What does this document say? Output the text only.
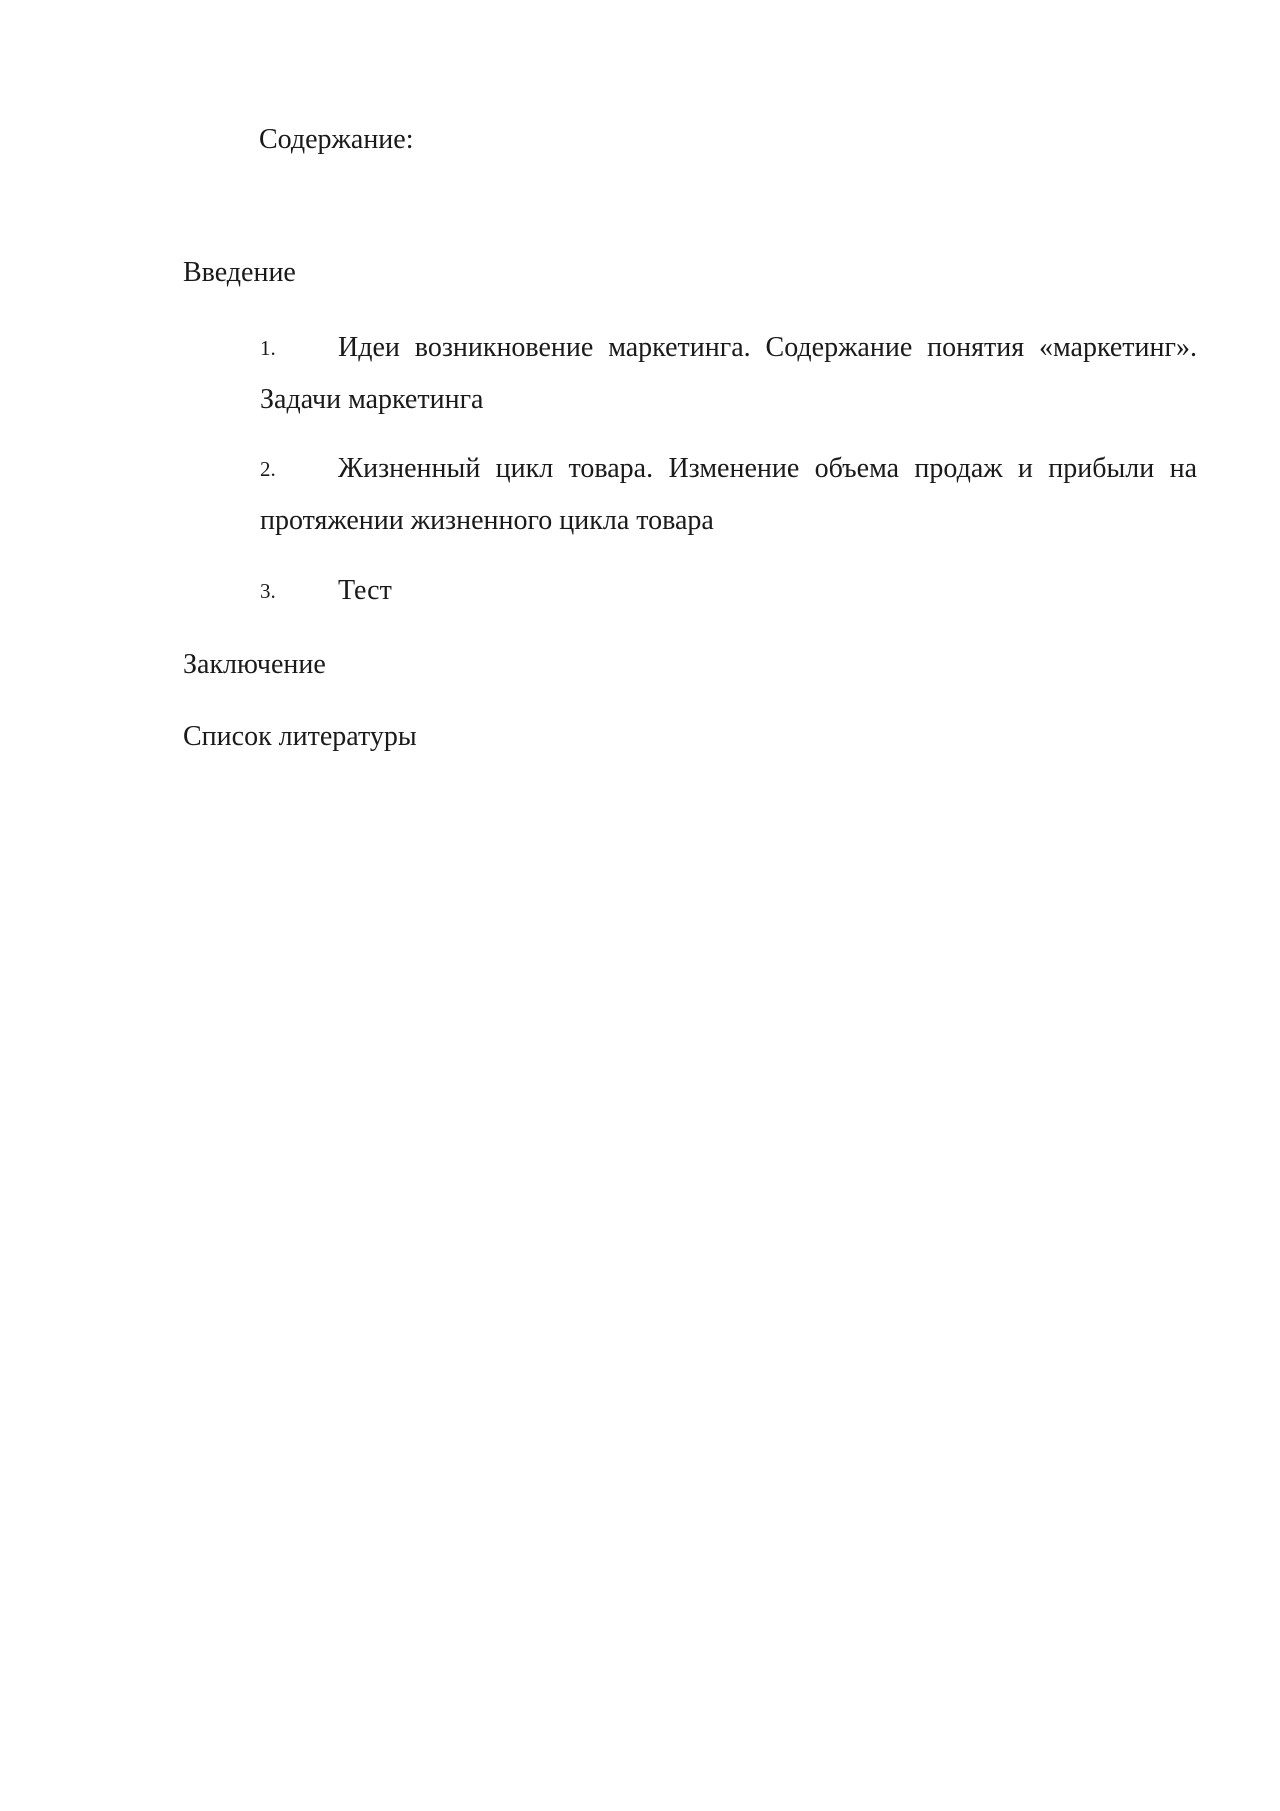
Содержание:
Введение
1.	Идеи возникновение маркетинга. Содержание понятия «маркетинг». Задачи маркетинга
2.	Жизненный цикл товара. Изменение объема продаж и прибыли на протяжении жизненного цикла товара
3.	Тест
Заключение
Список литературы
